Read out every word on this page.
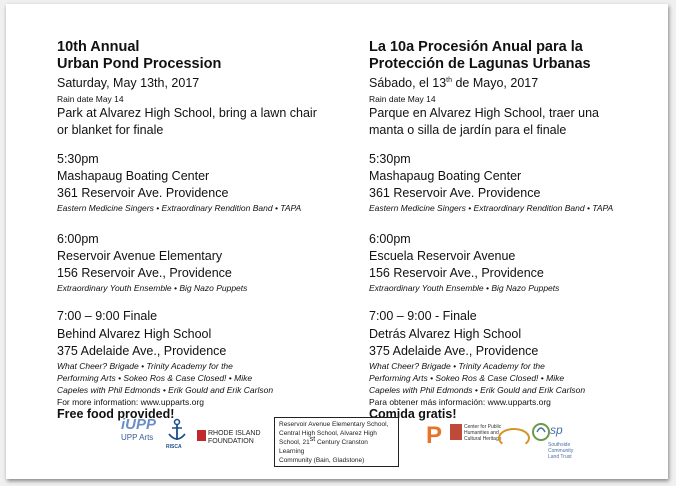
10th Annual
Urban Pond Procession
Saturday, May 13th, 2017
Rain date May 14
Park at Alvarez High School, bring a lawn chair
or blanket for finale
5:30pm
Mashapaug Boating Center
361 Reservoir Ave. Providence
Eastern Medicine Singers • Extraordinary Rendition Band • TAPA
6:00pm
Reservoir Avenue Elementary
156 Reservoir Ave., Providence
Extraordinary Youth Ensemble • Big Nazo Puppets
7:00 – 9:00 Finale
Behind Alvarez High School
375 Adelaide Ave., Providence
What Cheer? Brigade • Trinity Academy for the
Performing Arts • Sokeo Ros & Case Closed! • Mike
Capeles with Phil Edmonds • Erik Gould and Erik Carlson
For more information: www.upparts.org
Free food provided!
La 10a Procesión Anual para la
Protección de Lagunas Urbanas
Sábado, el 13th de Mayo, 2017
Rain date May 14
Parque en Alvarez High School, traer una
manta o silla de jardín para el finale
5:30pm
Mashapaug Boating Center
361 Reservoir Ave. Providence
Eastern Medicine Singers • Extraordinary Rendition Band • TAPA
6:00pm
Escuela Reservoir Avenue
156 Reservoir Ave., Providence
Extraordinary Youth Ensemble • Big Nazo Puppets
7:00 – 9:00 - Finale
Detrás Alvarez High School
375 Adelaide Ave., Providence
What Cheer? Brigade • Trinity Academy for the
Performing Arts • Sokeo Ros & Case Closed! • Mike
Capeles with Phil Edmonds • Erik Gould and Erik Carlson
Para obtener más información: www.upparts.org
Comida gratis!
iUPP
UPP Arts
RISCA
RHODE ISLAND FOUNDATION
Reservoir Avenue Elementary School,
Central High School, Alvarez High
School, 21st Century Cranston Learning
Community (Bain, Gladstone)
P	Center for Public Humanities and Cultural Heritage
sp
Southside Community Land Trust
